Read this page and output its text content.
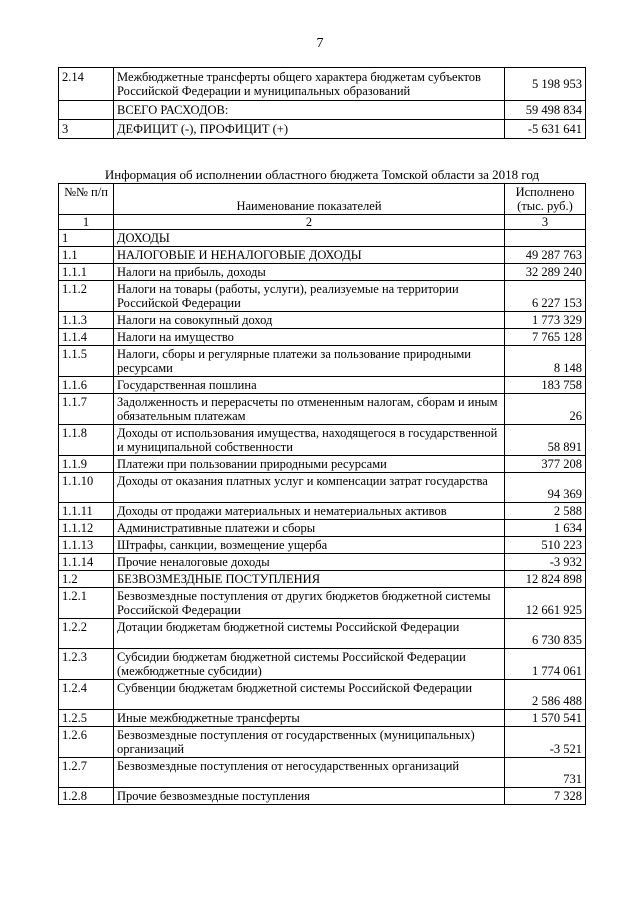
7
2.14	Межбюджетные трансферты общего характера бюджетам субъектов Российской Федерации и муниципальных образований	5 198 953
	ВСЕГО РАСХОДОВ:	59 498 834
3	ДЕФИЦИТ (-), ПРОФИЦИТ (+)	-5 631 641
Информация об исполнении областного бюджета Томской области за 2018 год
№№ п/п	Наименование показателей	Исполнено (тыс. руб.)
1	2	3
1	ДОХОДЫ	
1.1	НАЛОГОВЫЕ И НЕНАЛОГОВЫЕ ДОХОДЫ	49 287 763
1.1.1	Налоги на прибыль, доходы	32 289 240
1.1.2	Налоги на товары (работы, услуги), реализуемые на территории Российской Федерации	6 227 153
1.1.3	Налоги на совокупный доход	1 773 329
1.1.4	Налоги на имущество	7 765 128
1.1.5	Налоги, сборы и регулярные платежи за пользование природными ресурсами	8 148
1.1.6	Государственная пошлина	183 758
1.1.7	Задолженность и перерасчеты по отмененным налогам, сборам и иным обязательным платежам	26
1.1.8	Доходы от использования имущества, находящегося в государственной и муниципальной собственности	58 891
1.1.9	Платежи при пользовании природными ресурсами	377 208
1.1.10	Доходы от оказания платных услуг и компенсации затрат государства	94 369
1.1.11	Доходы от продажи материальных и нематериальных активов	2 588
1.1.12	Административные платежи и сборы	1 634
1.1.13	Штрафы, санкции, возмещение ущерба	510 223
1.1.14	Прочие неналоговые доходы	-3 932
1.2	БЕЗВОЗМЕЗДНЫЕ ПОСТУПЛЕНИЯ	12 824 898
1.2.1	Безвозмездные поступления от других бюджетов бюджетной системы Российской Федерации	12 661 925
1.2.2	Дотации бюджетам бюджетной системы Российской Федерации	6 730 835
1.2.3	Субсидии бюджетам бюджетной системы Российской Федерации (межбюджетные субсидии)	1 774 061
1.2.4	Субвенции бюджетам бюджетной системы Российской Федерации	2 586 488
1.2.5	Иные межбюджетные трансферты	1 570 541
1.2.6	Безвозмездные поступления от государственных (муниципальных) организаций	-3 521
1.2.7	Безвозмездные поступления от негосударственных организаций	731
1.2.8	Прочие безвозмездные поступления	7 328
